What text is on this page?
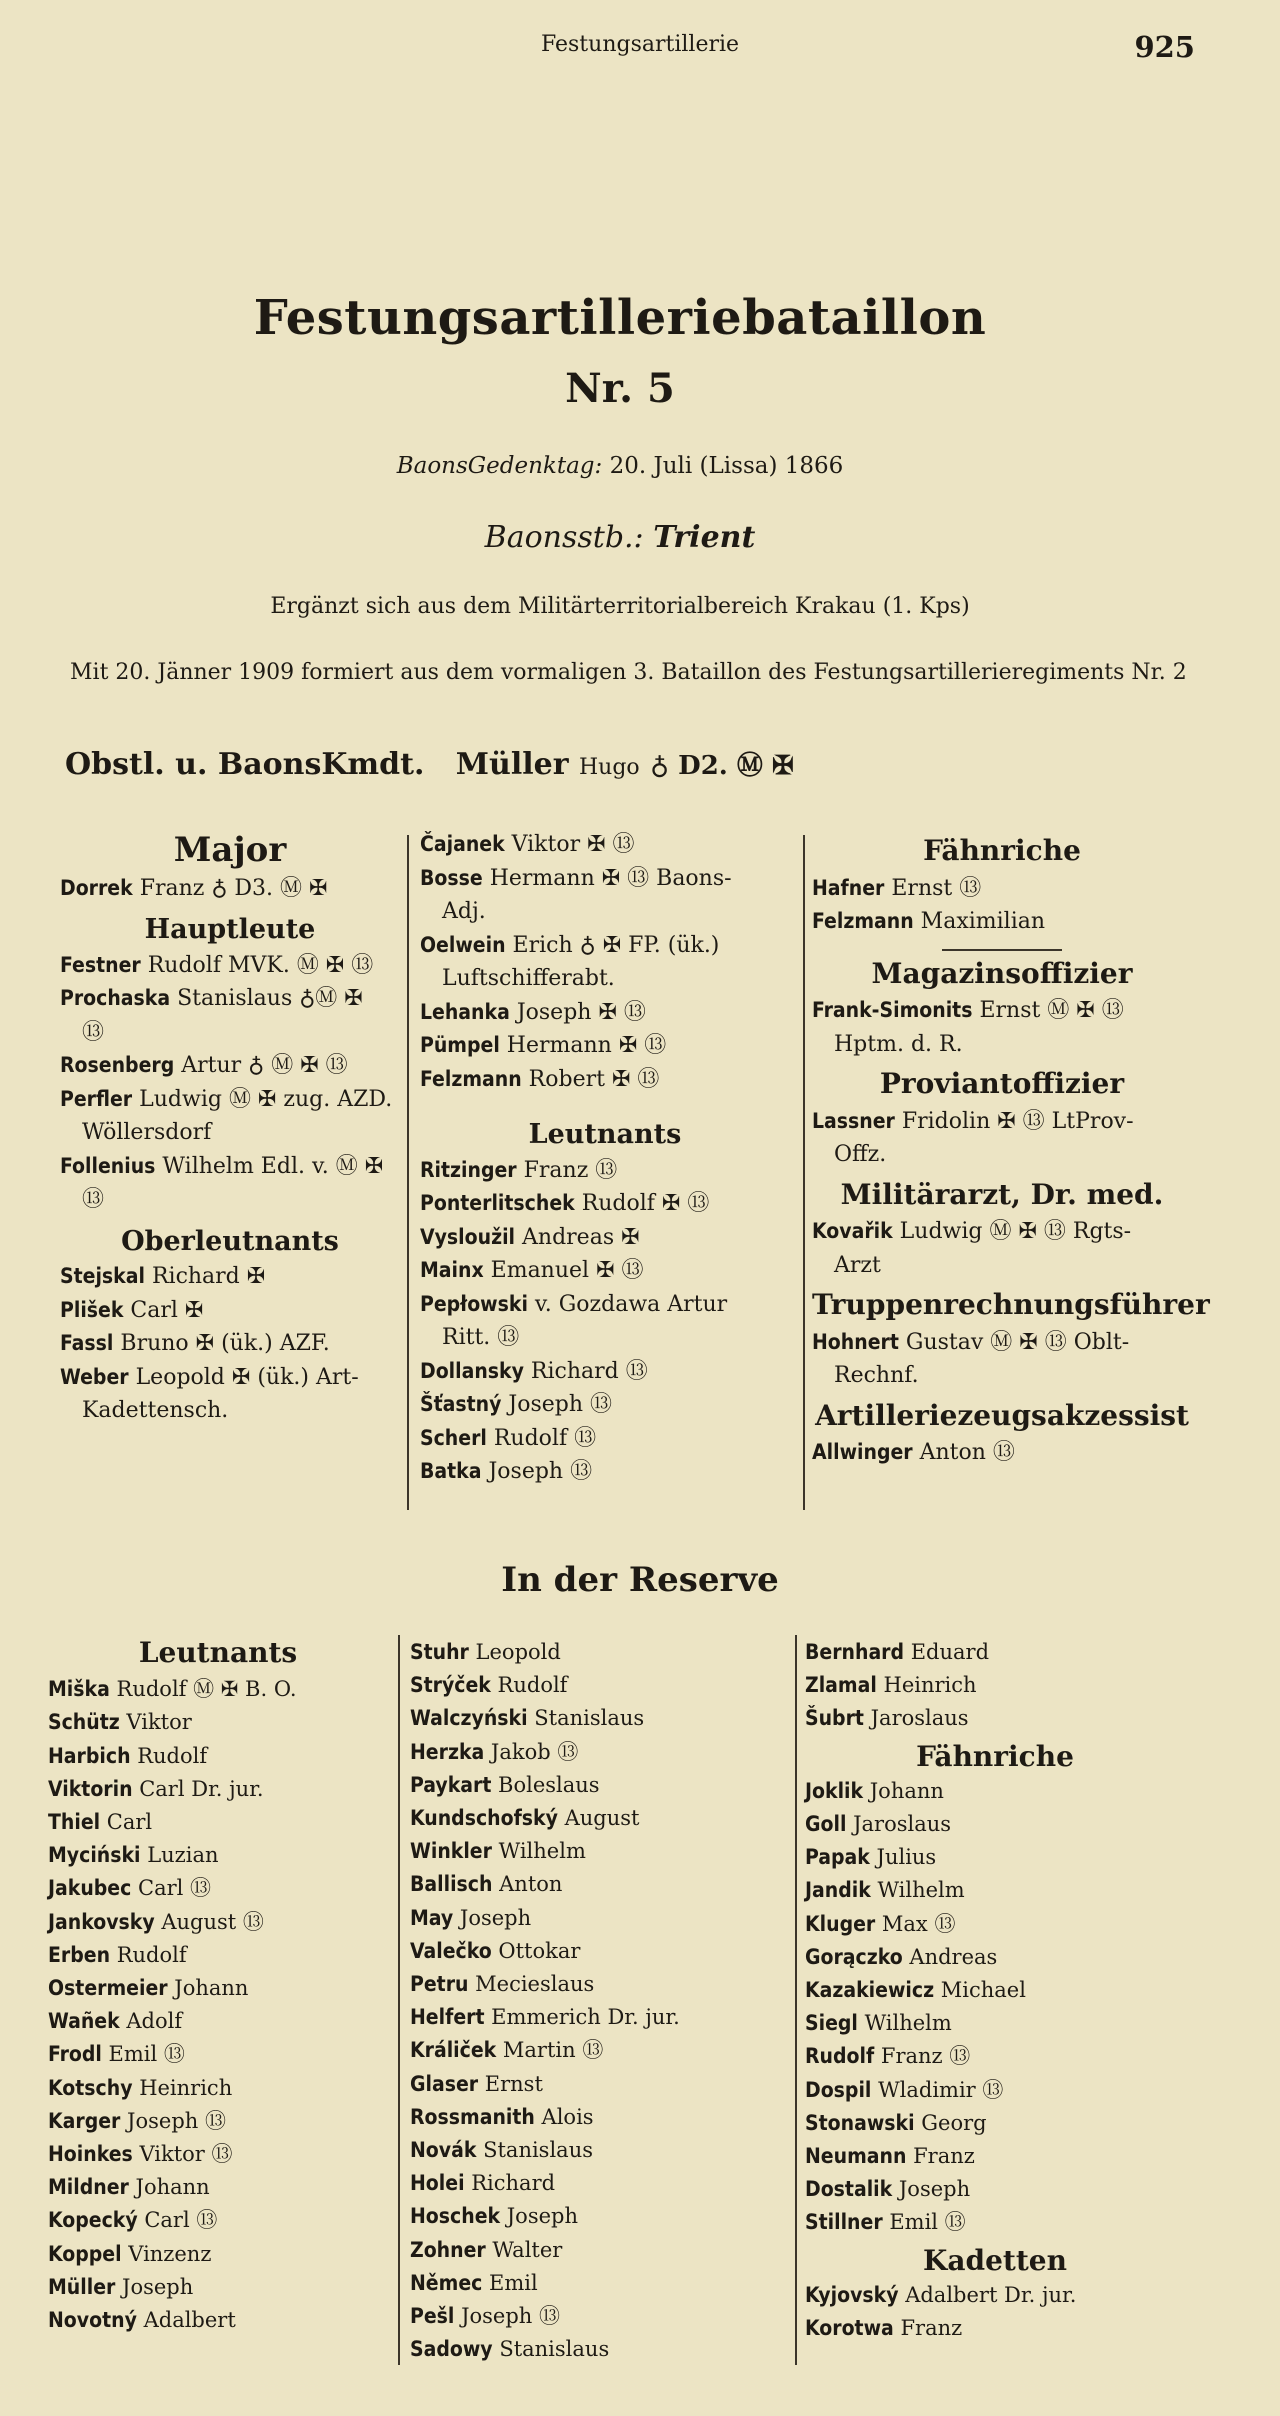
Festungsartillerie	925
Festungsartilleriebataillon
Nr. 5
BaonsGedenktag: 20. Juli (Lissa) 1866
Baonsstb.: Trient
Ergänzt sich aus dem Militärterritorialbereich Krakau (1. Kps)
Mit 20. Jänner 1909 formiert aus dem vormaligen 3. Bataillon des Festungsartillerieregiments Nr. 2
Obstl. u. BaonsKmdt. Müller Hugo ♁ D2. Ⓜ ✠
Major
Dorrek Franz ♁ D3. Ⓜ ✠
Hauptleute
Festner Rudolf MVK. Ⓜ ✠ ⑬
Prochaska Stanislaus ♁Ⓜ ✠
⑬
Rosenberg Artur ♁ Ⓜ ✠ ⑬
Perfler Ludwig Ⓜ ✠ zug. AZD.
Wöllersdorf
Follenius Wilhelm Edl. v. Ⓜ ✠
⑬
Oberleutnants
Stejskal Richard ✠
Plišek Carl ✠
Fassl Bruno ✠ (ük.) AZF.
Weber Leopold ✠ (ük.) Art-
Kadettensch.
Čajanek Viktor ✠ ⑬
Bosse Hermann ✠ ⑬ Baons-
Adj.
Oelwein Erich ♁ ✠ FP. (ük.)
Luftschifferabt.
Lehanka Joseph ✠ ⑬
Pümpel Hermann ✠ ⑬
Felzmann Robert ✠ ⑬
Leutnants
Ritzinger Franz ⑬
Ponterlitschek Rudolf ✠ ⑬
Vysloužil Andreas ✠
Mainx Emanuel ✠ ⑬
Pepłowski v. Gozdawa Artur
Ritt. ⑬
Dollansky Richard ⑬
Šťastný Joseph ⑬
Scherl Rudolf ⑬
Batka Joseph ⑬
Fähnriche
Hafner Ernst ⑬
Felzmann Maximilian
Magazinsoffizier
Frank-Simonits Ernst Ⓜ ✠ ⑬
Hptm. d. R.
Proviantoffizier
Lassner Fridolin ✠ ⑬ LtProv-
Offz.
Militärarzt, Dr. med.
Kovařik Ludwig Ⓜ ✠ ⑬ Rgts-
Arzt
Truppenrechnungsführer
Hohnert Gustav Ⓜ ✠ ⑬ Oblt-
Rechnf.
Artilleriezeugsakzessist
Allwinger Anton ⑬
In der Reserve
Leutnants
Miška Rudolf Ⓜ ✠ B. O.
Schütz Viktor
Harbich Rudolf
Viktorin Carl Dr. jur.
Thiel Carl
Myciński Luzian
Jakubec Carl ⑬
Jankovsky August ⑬
Erben Rudolf
Ostermeier Johann
Wañek Adolf
Frodl Emil ⑬
Kotschy Heinrich
Karger Joseph ⑬
Hoinkes Viktor ⑬
Mildner Johann
Kopecký Carl ⑬
Koppel Vinzenz
Müller Joseph
Novotný Adalbert
Stuhr Leopold
Strýček Rudolf
Walczyński Stanislaus
Herzka Jakob ⑬
Paykart Boleslaus
Kundschofský August
Winkler Wilhelm
Ballisch Anton
May Joseph
Valečko Ottokar
Petru Mecieslaus
Helfert Emmerich Dr. jur.
Králiček Martin ⑬
Glaser Ernst
Rossmanith Alois
Novák Stanislaus
Holei Richard
Hoschek Joseph
Zohner Walter
Němec Emil
Pešl Joseph ⑬
Sadowy Stanislaus
Bernhard Eduard
Zlamal Heinrich
Šubrt Jaroslaus
Fähnriche
Joklik Johann
Goll Jaroslaus
Papak Julius
Jandik Wilhelm
Kluger Max ⑬
Gorączko Andreas
Kazakiewicz Michael
Siegl Wilhelm
Rudolf Franz ⑬
Dospil Wladimir ⑬
Stonawski Georg
Neumann Franz
Dostalik Joseph
Stillner Emil ⑬
Kadetten
Kyjovský Adalbert Dr. jur.
Korotwa Franz
